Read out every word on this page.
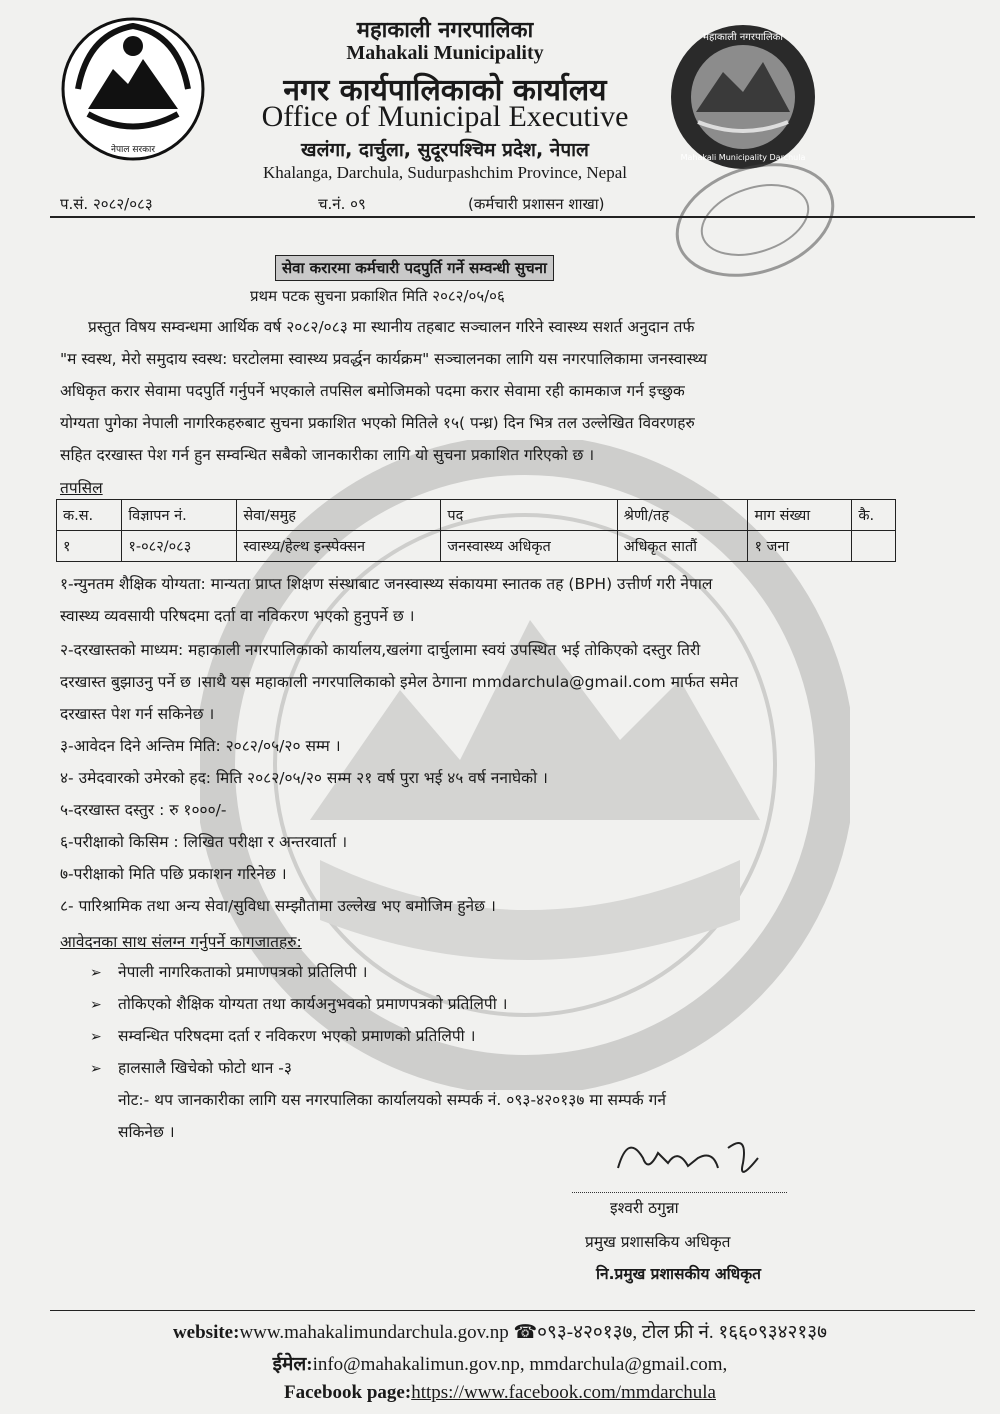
नेपाल सरकार
महाकाली नगरपालिका
Mahakali Municipality Darchula
महाकाली नगरपालिका
Mahakali Municipality
नगर कार्यपालिकाको कार्यालय
Office of Municipal Executive
खलंगा, दार्चुला, सुदूरपश्चिम प्रदेश, नेपाल
Khalanga, Darchula, Sudurpashchim Province, Nepal
प.सं. २०८२/०८३	च.नं. ०९	(कर्मचारी प्रशासन शाखा)
सेवा करारमा कर्मचारी पदपुर्ति गर्ने सम्वन्धी सुचना
प्रथम पटक सुचना प्रकाशित मिति २०८२/०५/०६
प्रस्तुत विषय सम्वन्धमा आर्थिक वर्ष २०८२/०८३ मा स्थानीय तहबाट सञ्चालन गरिने स्वास्थ्य सशर्त अनुदान तर्फ
"म स्वस्थ, मेरो समुदाय स्वस्थ: घरटोलमा स्वास्थ्य प्रवर्द्धन कार्यक्रम" सञ्चालनका लागि यस नगरपालिकामा जनस्वास्थ्य
अधिकृत करार सेवामा पदपुर्ति गर्नुपर्ने भएकाले तपसिल बमोजिमको पदमा करार सेवामा रही कामकाज गर्न इच्छुक
योग्यता पुगेका नेपाली नागरिकहरुबाट सुचना प्रकाशित भएको मितिले १५( पन्ध्र) दिन भित्र तल उल्लेखित विवरणहरु
सहित दरखास्त पेश गर्न हुन सम्वन्धित सबैको जानकारीका लागि यो सुचना प्रकाशित गरिएको छ ।
तपसिल
क.स.	विज्ञापन नं.	सेवा/समुह	पद	श्रेणी/तह	माग संख्या	कै.
१	१-०८२/०८३	स्वास्थ्य/हेल्थ इन्स्पेक्सन	जनस्वास्थ्य अधिकृत	अधिकृत सातौं	१ जना	
१-न्युनतम शैक्षिक योग्यता: मान्यता प्राप्त शिक्षण संस्थाबाट जनस्वास्थ्य संकायमा स्नातक तह (BPH) उत्तीर्ण गरी नेपाल
स्वास्थ्य व्यवसायी परिषदमा दर्ता वा नविकरण भएको हुनुपर्ने छ ।
२-दरखास्तको माध्यम: महाकाली नगरपालिकाको कार्यालय,खलंगा दार्चुलामा स्वयं उपस्थित भई तोकिएको दस्तुर तिरी
दरखास्त बुझाउनु पर्ने छ ।साथै यस महाकाली नगरपालिकाको इमेल ठेगाना mmdarchula@gmail.com मार्फत समेत
दरखास्त पेश गर्न सकिनेछ ।
३-आवेदन दिने अन्तिम मिति: २०८२/०५/२० सम्म ।
४- उमेदवारको उमेरको हद: मिति २०८२/०५/२० सम्म २१ वर्ष पुरा भई ४५ वर्ष ननाघेको ।
५-दरखास्त दस्तुर : रु १०००/-
६-परीक्षाको किसिम : लिखित परीक्षा र अन्तरवार्ता ।
७-परीक्षाको मिति पछि प्रकाशन गरिनेछ ।
८- पारिश्रामिक तथा अन्य सेवा/सुविधा सम्झौतामा उल्लेख भए बमोजिम हुनेछ ।
आवेदनका साथ संलग्न गर्नुपर्ने कागजातहरु:
➢ नेपाली नागरिकताको प्रमाणपत्रको प्रतिलिपी ।
➢ तोकिएको शैक्षिक योग्यता तथा कार्यअनुभवको प्रमाणपत्रको प्रतिलिपी ।
➢ सम्वन्धित परिषदमा दर्ता र नविकरण भएको प्रमाणको प्रतिलिपी ।
➢ हालसालै खिचेको फोटो थान -३
नोट:- थप जानकारीका लागि यस नगरपालिका कार्यालयको सम्पर्क नं. ०९३-४२०१३७ मा सम्पर्क गर्न
सकिनेछ ।
इश्वरी ठगुन्ना
प्रमुख प्रशासकिय अधिकृत
नि.प्रमुख प्रशासकीय अधिकृत
website:www.mahakalimundarchula.gov.np ☎०९३-४२०१३७, टोल फ्री नं. १६६०९३४२१३७
ईमेल:info@mahakalimun.gov.np, mmdarchula@gmail.com,
Facebook page:https://www.facebook.com/mmdarchula
